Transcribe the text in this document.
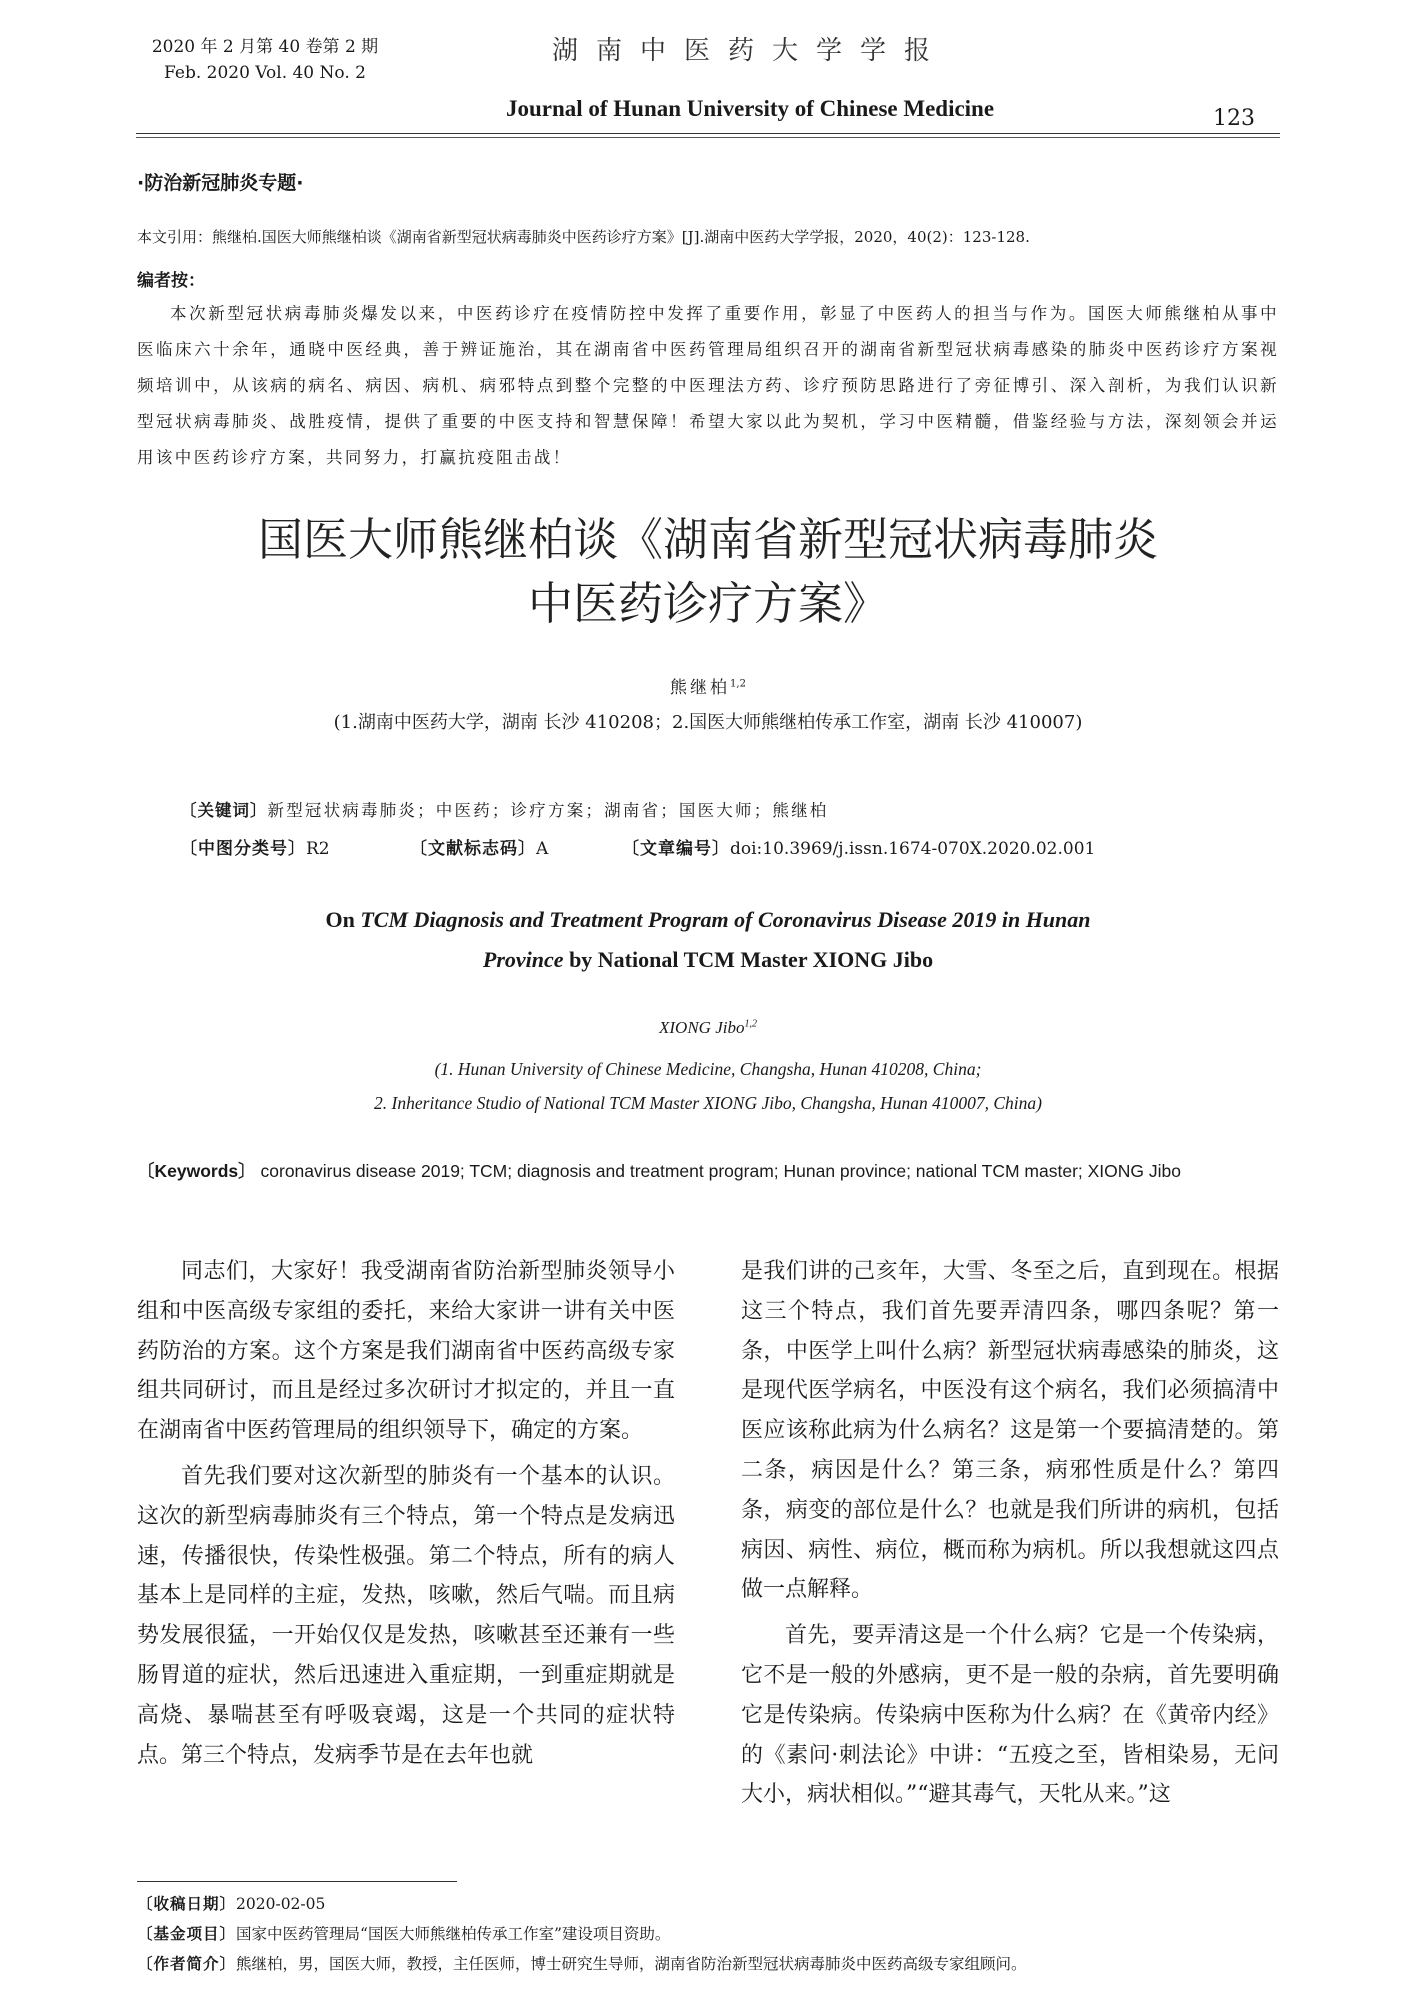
2020 年 2 月第 40 卷第 2 期
Feb. 2020 Vol. 40 No. 2
湖南中医药大学学报
Journal of Hunan University of Chinese Medicine	123
·防治新冠肺炎专题·
本文引用：熊继柏.国医大师熊继柏谈《湖南省新型冠状病毒肺炎中医药诊疗方案》[J].湖南中医药大学学报，2020，40(2)：123-128.
编者按：
本次新型冠状病毒肺炎爆发以来，中医药诊疗在疫情防控中发挥了重要作用，彰显了中医药人的担当与作为。国医大师熊继柏从事中医临床六十余年，通晓中医经典，善于辨证施治，其在湖南省中医药管理局组织召开的湖南省新型冠状病毒感染的肺炎中医药诊疗方案视频培训中，从该病的病名、病因、病机、病邪特点到整个完整的中医理法方药、诊疗预防思路进行了旁征博引、深入剖析，为我们认识新型冠状病毒肺炎、战胜疫情，提供了重要的中医支持和智慧保障！希望大家以此为契机，学习中医精髓，借鉴经验与方法，深刻领会并运用该中医药诊疗方案，共同努力，打赢抗疫阻击战！
国医大师熊继柏谈《湖南省新型冠状病毒肺炎
中医药诊疗方案》
熊继柏$^{1,2}$
(1.湖南中医药大学，湖南 长沙 410208；2.国医大师熊继柏传承工作室，湖南 长沙 410007)
〔关键词〕新型冠状病毒肺炎；中医药；诊疗方案；湖南省；国医大师；熊继柏
〔中图分类号〕R2	〔文献标志码〕A	〔文章编号〕doi:10.3969/j.issn.1674-070X.2020.02.001
On TCM Diagnosis and Treatment Program of Coronavirus Disease 2019 in Hunan
Province by National TCM Master XIONG Jibo
XIONG Jibo$^{1,2}$
(1. Hunan University of Chinese Medicine, Changsha, Hunan 410208, China;
2. Inheritance Studio of National TCM Master XIONG Jibo, Changsha, Hunan 410007, China)
〔Keywords〕 coronavirus disease 2019; TCM; diagnosis and treatment program; Hunan province; national TCM master; XIONG Jibo

同志们，大家好！我受湖南省防治新型肺炎领导小组和中医高级专家组的委托，来给大家讲一讲有关中医药防治的方案。这个方案是我们湖南省中医药高级专家组共同研讨，而且是经过多次研讨才拟定的，并且一直在湖南省中医药管理局的组织领导下，确定的方案。

首先我们要对这次新型的肺炎有一个基本的认识。这次的新型病毒肺炎有三个特点，第一个特点是发病迅速，传播很快，传染性极强。第二个特点，所有的病人基本上是同样的主症，发热，咳嗽，然后气喘。而且病势发展很猛，一开始仅仅是发热，咳嗽甚至还兼有一些肠胃道的症状，然后迅速进入重症期，一到重症期就是高烧、暴喘甚至有呼吸衰竭，这是一个共同的症状特点。第三个特点，发病季节是在去年也就

是我们讲的己亥年，大雪、冬至之后，直到现在。根据这三个特点，我们首先要弄清四条，哪四条呢？第一条，中医学上叫什么病？新型冠状病毒感染的肺炎，这是现代医学病名，中医没有这个病名，我们必须搞清中医应该称此病为什么病名？这是第一个要搞清楚的。第二条，病因是什么？第三条，病邪性质是什么？第四条，病变的部位是什么？也就是我们所讲的病机，包括病因、病性、病位，概而称为病机。所以我想就这四点做一点解释。

首先，要弄清这是一个什么病？它是一个传染病，它不是一般的外感病，更不是一般的杂病，首先要明确它是传染病。传染病中医称为什么病？在《黄帝内经》的《素问·刺法论》中讲：“五疫之至，皆相染易，无问大小，病状相似。”“避其毒气，天牝从来。”这

〔收稿日期〕2020-02-05
〔基金项目〕国家中医药管理局“国医大师熊继柏传承工作室”建设项目资助。
〔作者简介〕熊继柏，男，国医大师，教授，主任医师，博士研究生导师，湖南省防治新型冠状病毒肺炎中医药高级专家组顾问。
